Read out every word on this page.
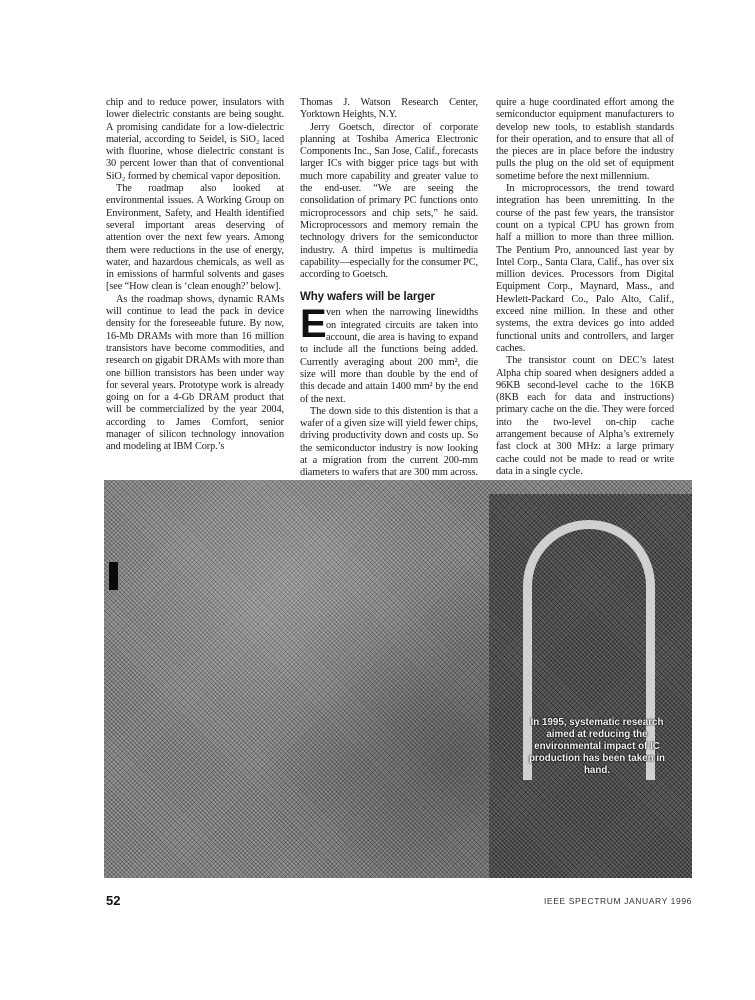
chip and to reduce power, insulators with lower dielectric constants are being sought. A promising candidate for a low-dielectric material, according to Seidel, is SiO₂ laced with fluorine, whose dielectric constant is 30 percent lower than that of conventional SiO₂ formed by chemical vapor deposition.

The roadmap also looked at environmental issues. A Working Group on Environment, Safety, and Health identified several important areas deserving of attention over the next few years. Among them were reductions in the use of energy, water, and hazardous chemicals, as well as in emissions of harmful solvents and gases [see “How clean is ‘clean enough?’ below].

As the roadmap shows, dynamic RAMs will continue to lead the pack in device density for the foreseeable future. By now, 16-Mb DRAMs with more than 16 million transistors have become commodities, and research on gigabit DRAMs with more than one billion transistors has been under way for several years. Prototype work is already going on for a 4-Gb DRAM product that will be commercialized by the year 2004, according to James Comfort, senior manager of silicon technology innovation and modeling at IBM Corp.’s

Thomas J. Watson Research Center, Yorktown Heights, N.Y.

Jerry Goetsch, director of corporate planning at Toshiba America Electronic Components Inc., San Jose, Calif., forecasts larger ICs with bigger price tags but with much more capability and greater value to the end-user. “We are seeing the consolidation of primary PC functions onto microprocessors and chip sets,” he said. Microprocessors and memory remain the technology drivers for the semiconductor industry. A third impetus is multimedia capability—especially for the consumer PC, according to Goetsch.

Why wafers will be larger

E ven when the narrowing linewidths on integrated circuits are taken into account, die area is having to expand to include all the functions being added. Currently averaging about 200 mm², die size will more than double by the end of this decade and attain 1400 mm² by the end of the next.

The down side to this distention is that a wafer of a given size will yield fewer chips, driving productivity down and costs up. So the semiconductor industry is now looking at a migration from the current 200-mm diameters to wafers that are 300 mm across.

quire a huge coordinated effort among the semiconductor equipment manufacturers to develop new tools, to establish standards for their operation, and to ensure that all of the pieces are in place before the industry pulls the plug on the old set of equipment sometime before the next millennium.

In microprocessors, the trend toward integration has been unremitting. In the course of the past few years, the transistor count on a typical CPU has grown from half a million to more than three million. The Pentium Pro, announced last year by Intel Corp., Santa Clara, Calif., has over six million devices. Processors from Digital Equipment Corp., Maynard, Mass., and Hewlett-Packard Co., Palo Alto, Calif., exceed nine million. In these and other systems, the extra devices go into added functional units and controllers, and larger caches.

The transistor count on DEC’s latest Alpha chip soared when designers added a 96KB second-level cache to the 16KB (8KB each for data and instructions) primary cache on the die. They were forced into the two-level on-chip cache arrangement because of Alpha’s extremely fast clock at 300 MHz: a large primary cache could not be made to read or write data in a single cycle.

In 1995, systematic research aimed at reducing the environmental impact of IC production has been taken in hand.
52	IEEE SPECTRUM JANUARY 1996
